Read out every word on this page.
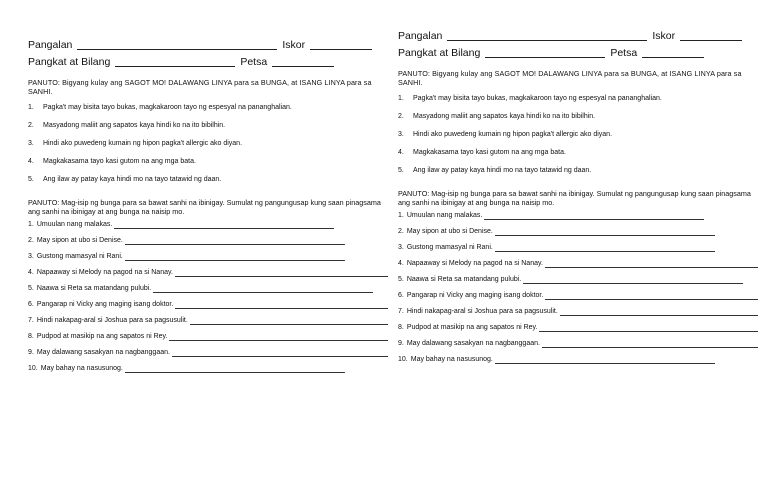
Pangalan	Iskor
Pangkat at Bilang	Petsa
PANUTO: Bigyang kulay ang SAGOT MO! DALAWANG LINYA para sa BUNGA, at ISANG LINYA para sa SANHI.
1.	Pagka't may bisita tayo bukas, magkakaroon tayo ng espesyal na pananghalian.
2.	Masyadong maliit ang sapatos kaya hindi ko na ito bibilhin.
3.	Hindi ako puwedeng kumain ng hipon pagka't allergic ako diyan.
4.	Magkakasama tayo kasi gutom na ang mga bata.
5.	Ang ilaw ay patay kaya hindi mo na tayo tatawid ng daan.
PANUTO: Mag-isip ng bunga para sa bawat sanhi na ibinigay. Sumulat ng pangungusap kung saan pinagsama ang sanhi na ibinigay at ang bunga na naisip mo.
1. Umuulan nang malakas.
2. May sipon at ubo si Denise.
3. Gustong mamasyal ni Rani.
4. Napaaway si Melody na pagod na si Nanay.
5. Naawa si Reta sa matandang pulubi.
6. Pangarap ni Vicky ang maging isang doktor.
7. Hindi nakapag-aral si Joshua para sa pagsusulit.
8. Pudpod at masikip na ang sapatos ni Rey.
9. May dalawang sasakyan na nagbanggaan.
10. May bahay na nasusunog.
Pangalan	Iskor
Pangkat at Bilang	Petsa
PANUTO: Bigyang kulay ang SAGOT MO! DALAWANG LINYA para sa BUNGA, at ISANG LINYA para sa SANHI.
1.	Pagka't may bisita tayo bukas, magkakaroon tayo ng espesyal na pananghalian.
2.	Masyadong maliit ang sapatos kaya hindi ko na ito bibilhin.
3.	Hindi ako puwedeng kumain ng hipon pagka't allergic ako diyan.
4.	Magkakasama tayo kasi gutom na ang mga bata.
5.	Ang ilaw ay patay kaya hindi mo na tayo tatawid ng daan.
PANUTO: Mag-isip ng bunga para sa bawat sanhi na ibinigay. Sumulat ng pangungusap kung saan pinagsama ang sanhi na ibinigay at ang bunga na naisip mo.
1. Umuulan nang malakas.
2. May sipon at ubo si Denise.
3. Gustong mamasyal ni Rani.
4. Napaaway si Melody na pagod na si Nanay.
5. Naawa si Reta sa matandang pulubi.
6. Pangarap ni Vicky ang maging isang doktor.
7. Hindi nakapag-aral si Joshua para sa pagsusulit.
8. Pudpod at masikip na ang sapatos ni Rey.
9. May dalawang sasakyan na nagbanggaan.
10. May bahay na nasusunog.
